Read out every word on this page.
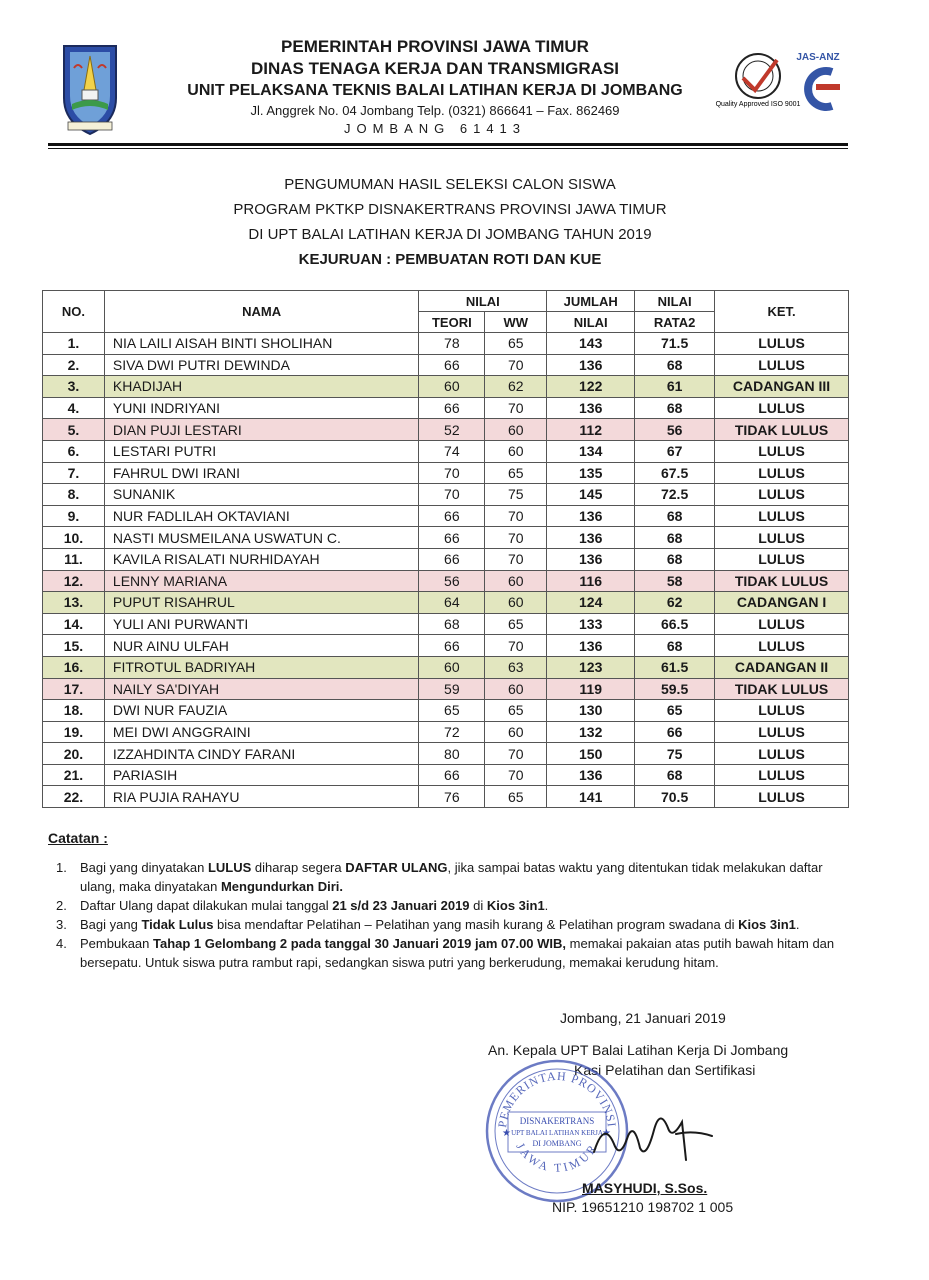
PEMERINTAH PROVINSI JAWA TIMUR
DINAS TENAGA KERJA DAN TRANSMIGRASI
UNIT PELAKSANA TEKNIS BALAI LATIHAN KERJA DI JOMBANG
Jl. Anggrek No. 04 Jombang Telp. (0321) 866641 – Fax. 862469
JOMBANG 61413
Quality Approved ISO 9001
JAS-ANZ
PENGUMUMAN HASIL SELEKSI CALON SISWA
PROGRAM PKTKP DISNAKERTRANS PROVINSI JAWA TIMUR
DI UPT BALAI LATIHAN KERJA DI JOMBANG TAHUN 2019
KEJURUAN : PEMBUATAN ROTI DAN KUE
NO.	NAMA	NILAI		JUMLAH	NILAI	KET.
		TEORI	WW	NILAI	RATA2	
1.	NIA LAILI AISAH BINTI SHOLIHAN	78	65	143	71.5	LULUS
2.	SIVA DWI PUTRI DEWINDA	66	70	136	68	LULUS
3.	KHADIJAH	60	62	122	61	CADANGAN III
4.	YUNI INDRIYANI	66	70	136	68	LULUS
5.	DIAN PUJI LESTARI	52	60	112	56	TIDAK LULUS
6.	LESTARI PUTRI	74	60	134	67	LULUS
7.	FAHRUL DWI IRANI	70	65	135	67.5	LULUS
8.	SUNANIK	70	75	145	72.5	LULUS
9.	NUR FADLILAH OKTAVIANI	66	70	136	68	LULUS
10.	NASTI MUSMEILANA USWATUN C.	66	70	136	68	LULUS
11.	KAVILA RISALATI NURHIDAYAH	66	70	136	68	LULUS
12.	LENNY MARIANA	56	60	116	58	TIDAK LULUS
13.	PUPUT RISAHRUL	64	60	124	62	CADANGAN I
14.	YULI ANI PURWANTI	68	65	133	66.5	LULUS
15.	NUR AINU ULFAH	66	70	136	68	LULUS
16.	FITROTUL BADRIYAH	60	63	123	61.5	CADANGAN II
17.	NAILY SA'DIYAH	59	60	119	59.5	TIDAK LULUS
18.	DWI NUR FAUZIA	65	65	130	65	LULUS
19.	MEI DWI ANGGRAINI	72	60	132	66	LULUS
20.	IZZAHDINTA CINDY FARANI	80	70	150	75	LULUS
21.	PARIASIH	66	70	136	68	LULUS
22.	RIA PUJIA RAHAYU	76	65	141	70.5	LULUS
Catatan :
1. Bagi yang dinyatakan LULUS diharap segera DAFTAR ULANG, jika sampai batas waktu yang ditentukan tidak melakukan daftar ulang, maka dinyatakan Mengundurkan Diri.
2. Daftar Ulang dapat dilakukan mulai tanggal 21 s/d 23 Januari 2019 di Kios 3in1.
3. Bagi yang Tidak Lulus bisa mendaftar Pelatihan – Pelatihan yang masih kurang & Pelatihan program swadana di Kios 3in1.
4. Pembukaan Tahap 1 Gelombang 2 pada tanggal 30 Januari 2019 jam 07.00 WIB, memakai pakaian atas putih bawah hitam dan bersepatu. Untuk siswa putra rambut rapi, sedangkan siswa putri yang berkerudung, memakai kerudung hitam.
Jombang, 21 Januari 2019
An. Kepala UPT Balai Latihan Kerja Di Jombang
Kasi Pelatihan dan Sertifikasi
PEMERINTAH PROVINSI
JAWA TIMUR
DISNAKERTRANS
UPT BALAI LATIHAN KERJA
DI JOMBANG
★	★
MASYHUDI, S.Sos.
NIP. 19651210 198702 1 005
